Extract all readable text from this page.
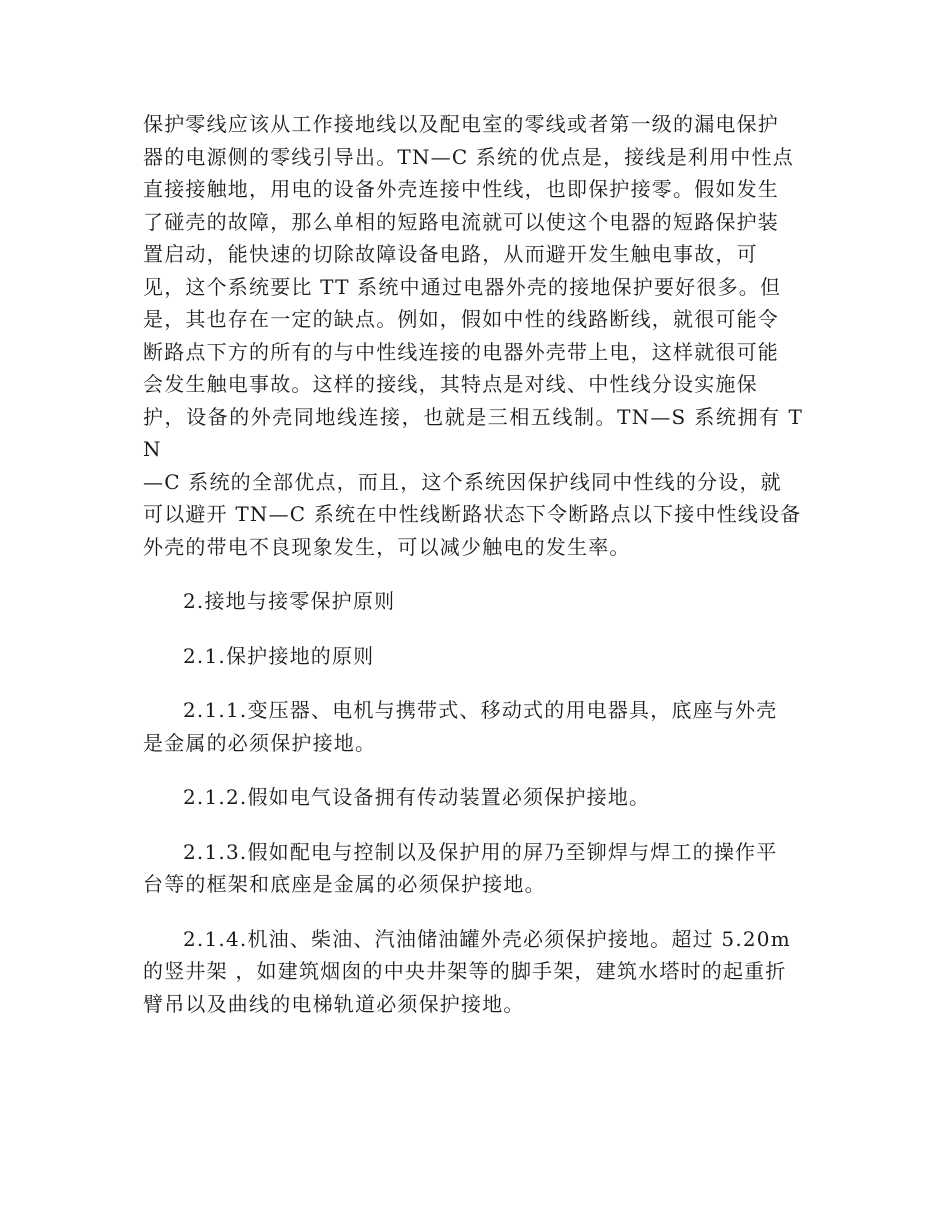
保护零线应该从工作接地线以及配电室的零线或者第一级的漏电保护
器的电源侧的零线引导出。TN—C 系统的优点是，接线是利用中性点
直接接触地，用电的设备外壳连接中性线，也即保护接零。假如发生
了碰壳的故障，那么单相的短路电流就可以使这个电器的短路保护装
置启动，能快速的切除故障设备电路，从而避开发生触电事故，可
见，这个系统要比 TT 系统中通过电器外壳的接地保护要好很多。但
是，其也存在一定的缺点。例如，假如中性的线路断线，就很可能令
断路点下方的所有的与中性线连接的电器外壳带上电，这样就很可能
会发生触电事故。这样的接线，其特点是对线、中性线分设实施保
护，设备的外壳同地线连接，也就是三相五线制。TN—S 系统拥有 TN
—C 系统的全部优点，而且，这个系统因保护线同中性线的分设，就
可以避开 TN—C 系统在中性线断路状态下令断路点以下接中性线设备
外壳的带电不良现象发生，可以减少触电的发生率。

2.接地与接零保护原则

2.1.保护接地的原则

2.1.1.变压器、电机与携带式、移动式的用电器具，底座与外壳
是金属的必须保护接地。

2.1.2.假如电气设备拥有传动装置必须保护接地。

2.1.3.假如配电与控制以及保护用的屏乃至铆焊与焊工的操作平
台等的框架和底座是金属的必须保护接地。

2.1.4.机油、柴油、汽油储油罐外壳必须保护接地。超过 5.20m
的竖井架 ，如建筑烟囱的中央井架等的脚手架，建筑水塔时的起重折
臂吊以及曲线的电梯轨道必须保护接地。
